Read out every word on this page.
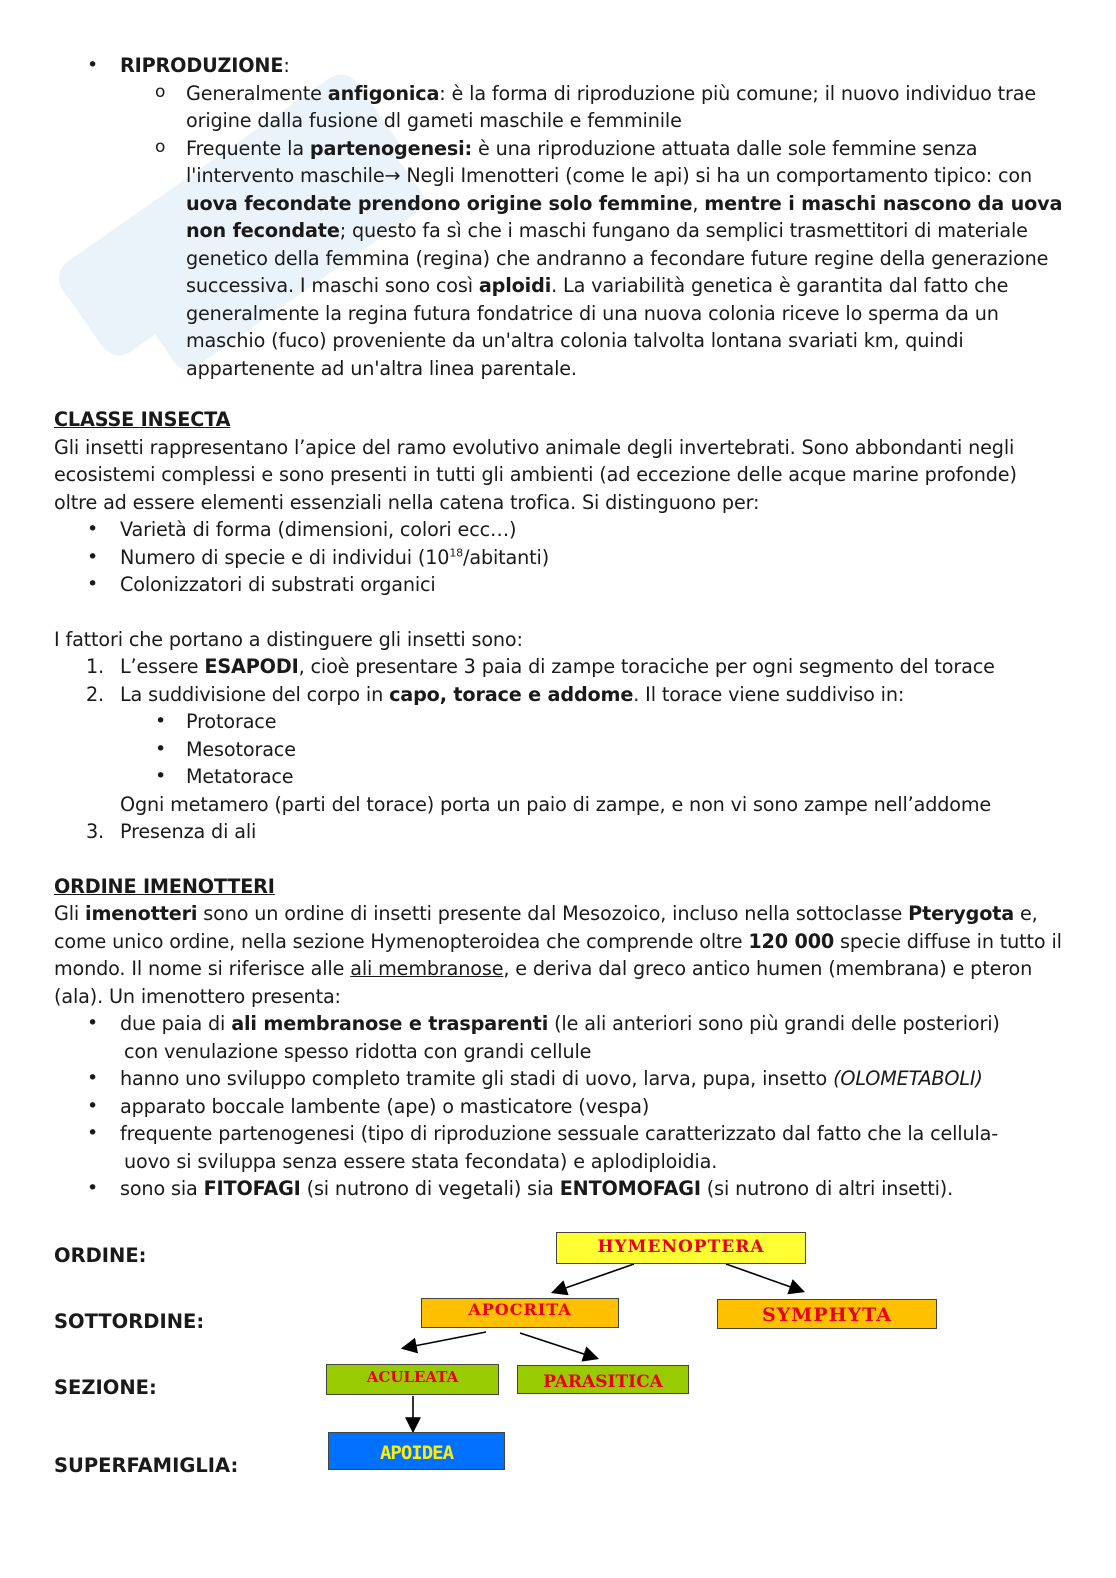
• RIPRODUZIONE:
o Generalmente anfigonica: è la forma di riproduzione più comune; il nuovo individuo trae origine dalla fusione dl gameti maschile e femminile
o Frequente la partenogenesi: è una riproduzione attuata dalle sole femmine senza l'intervento maschile→ Negli Imenotteri (come le api) si ha un comportamento tipico: con uova fecondate prendono origine solo femmine, mentre i maschi nascono da uova non fecondate; questo fa sì che i maschi fungano da semplici trasmettitori di materiale genetico della femmina (regina) che andranno a fecondare future regine della generazione successiva. I maschi sono così aploidi. La variabilità genetica è garantita dal fatto che generalmente la regina futura fondatrice di una nuova colonia riceve lo sperma da un maschio (fuco) proveniente da un'altra colonia talvolta lontana svariati km, quindi appartenente ad un'altra linea parentale.

CLASSE INSECTA

Gli insetti rappresentano l’apice del ramo evolutivo animale degli invertebrati. Sono abbondanti negli ecosistemi complessi e sono presenti in tutti gli ambienti (ad eccezione delle acque marine profonde) oltre ad essere elementi essenziali nella catena trofica. Si distinguono per:

• Varietà di forma (dimensioni, colori ecc…)
• Numero di specie e di individui $(10^{18}/abitanti)$
• Colonizzatori di substrati organici

I fattori che portano a distinguere gli insetti sono:

1. L’essere ESAPODI, cioè presentare 3 paia di zampe toraciche per ogni segmento del torace
2. La suddivisione del corpo in capo, torace e addome. Il torace viene suddiviso in:
• Protorace
• Mesotorace
• Metatorace

Ogni metamero (parti del torace) porta un paio di zampe, e non vi sono zampe nell’addome

3. Presenza di ali

ORDINE IMENOTTERI

Gli imenotteri sono un ordine di insetti presente dal Mesozoico, incluso nella sottoclasse Pterygota e, come unico ordine, nella sezione Hymenopteroidea che comprende oltre 120 000 specie diffuse in tutto il mondo. Il nome si riferisce alle ali membranose, e deriva dal greco antico humen (membrana) e pteron (ala). Un imenottero presenta:

• due paia di ali membranose e trasparenti (le ali anteriori sono più grandi delle posteriori)
con venulazione spesso ridotta con grandi cellule
• hanno uno sviluppo completo tramite gli stadi di uovo, larva, pupa, insetto (OLOMETABOLI)
• apparato boccale lambente (ape) o masticatore (vespa)
• frequente partenogenesi (tipo di riproduzione sessuale caratterizzato dal fatto che la cellula-
uovo si sviluppa senza essere stata fecondata) e aplodiploidia.
• sono sia FITOFAGI (si nutrono di vegetali) sia ENTOMOFAGI (si nutrono di altri insetti).
ORDINE:
SOTTORDINE:
SEZIONE:
SUPERFAMIGLIA:
HYMENOPTERA
APOCRITA	SYMPHYTA
ACULEATA	PARASITICA
APOIDEA
